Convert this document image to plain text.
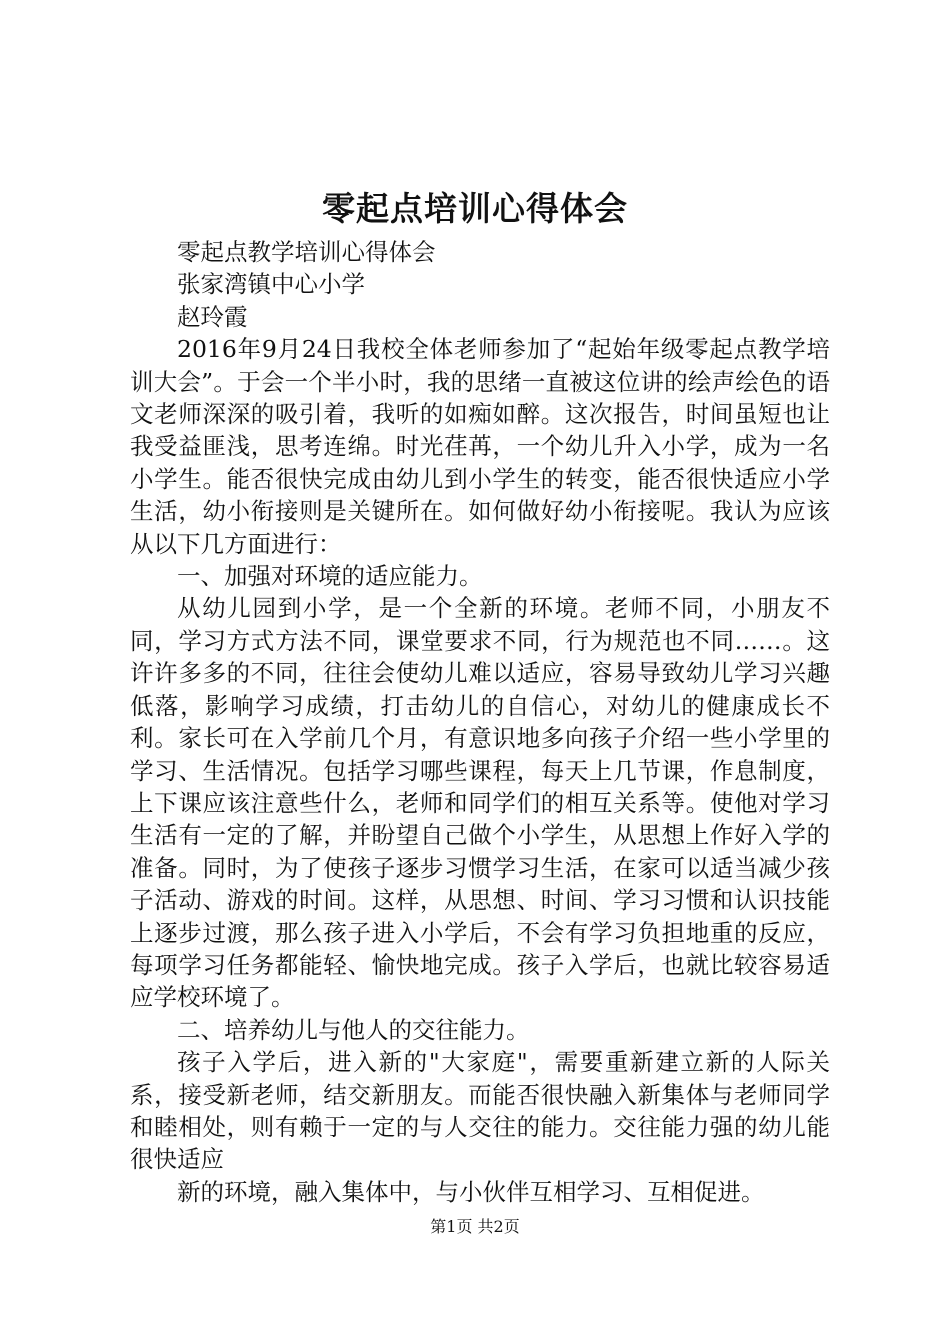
零起点培训心得体会

零起点教学培训心得体会

张家湾镇中心小学

赵玲霞

2016年9月24日我校全体老师参加了“起始年级零起点教学培训大会”。于会一个半小时，我的思绪一直被这位讲的绘声绘色的语文老师深深的吸引着，我听的如痴如醉。这次报告，时间虽短也让我受益匪浅，思考连绵。时光荏苒，一个幼儿升入小学，成为一名小学生。能否很快完成由幼儿到小学生的转变，能否很快适应小学生活，幼小衔接则是关键所在。如何做好幼小衔接呢。我认为应该从以下几方面进行：

一、加强对环境的适应能力。

从幼儿园到小学，是一个全新的环境。老师不同，小朋友不同，学习方式方法不同，课堂要求不同，行为规范也不同……。这许许多多的不同，往往会使幼儿难以适应，容易导致幼儿学习兴趣低落，影响学习成绩，打击幼儿的自信心，对幼儿的健康成长不利。家长可在入学前几个月，有意识地多向孩子介绍一些小学里的学习、生活情况。包括学习哪些课程，每天上几节课，作息制度，上下课应该注意些什么，老师和同学们的相互关系等。使他对学习生活有一定的了解，并盼望自己做个小学生，从思想上作好入学的准备。同时，为了使孩子逐步习惯学习生活，在家可以适当减少孩子活动、游戏的时间。这样，从思想、时间、学习习惯和认识技能上逐步过渡，那么孩子进入小学后，不会有学习负担地重的反应，每项学习任务都能轻、愉快地完成。孩子入学后，也就比较容易适应学校环境了。

二、培养幼儿与他人的交往能力。

孩子入学后，进入新的"大家庭"，需要重新建立新的人际关系，接受新老师，结交新朋友。而能否很快融入新集体与老师同学和睦相处，则有赖于一定的与人交往的能力。交往能力强的幼儿能很快适应

新的环境，融入集体中，与小伙伴互相学习、互相促进。

第1页 共2页
